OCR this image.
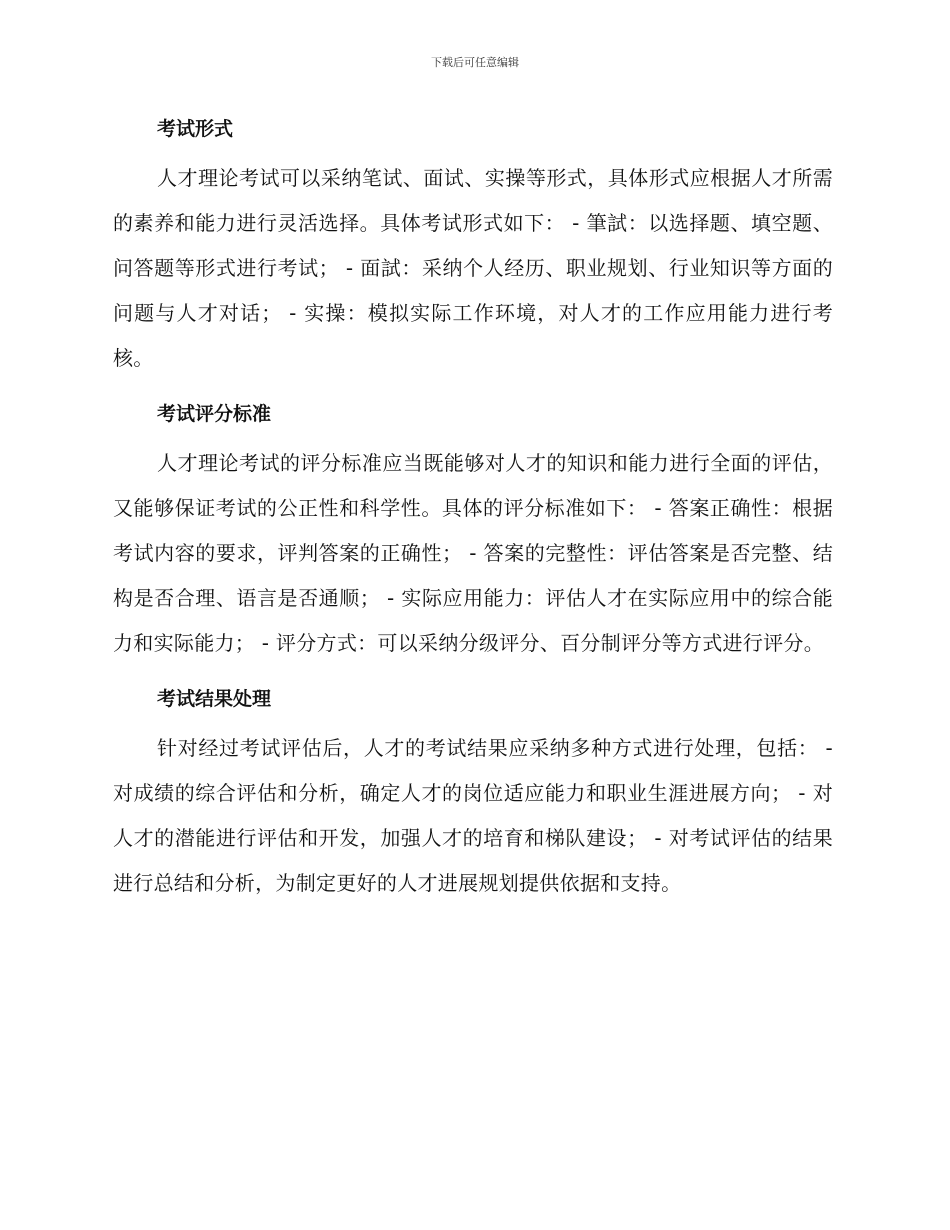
下载后可任意编辑
考试形式

人才理论考试可以采纳笔试、面试、实操等形式，具体形式应根据人才所需的素养和能力进行灵活选择。具体考试形式如下： - 筆試：以选择题、填空题、问答题等形式进行考试； - 面試：采纳个人经历、职业规划、行业知识等方面的问题与人才对话； - 实操：模拟实际工作环境，对人才的工作应用能力进行考核。

考试评分标准

人才理论考试的评分标准应当既能够对人才的知识和能力进行全面的评估，又能够保证考试的公正性和科学性。具体的评分标准如下： - 答案正确性：根据考试内容的要求，评判答案的正确性； - 答案的完整性：评估答案是否完整、结构是否合理、语言是否通顺； - 实际应用能力：评估人才在实际应用中的综合能力和实际能力； - 评分方式：可以采纳分级评分、百分制评分等方式进行评分。

考试结果处理

针对经过考试评估后，人才的考试结果应采纳多种方式进行处理，包括： - 对成绩的综合评估和分析，确定人才的岗位适应能力和职业生涯进展方向； - 对人才的潜能进行评估和开发，加强人才的培育和梯队建设； - 对考试评估的结果进行总结和分析，为制定更好的人才进展规划提供依据和支持。
